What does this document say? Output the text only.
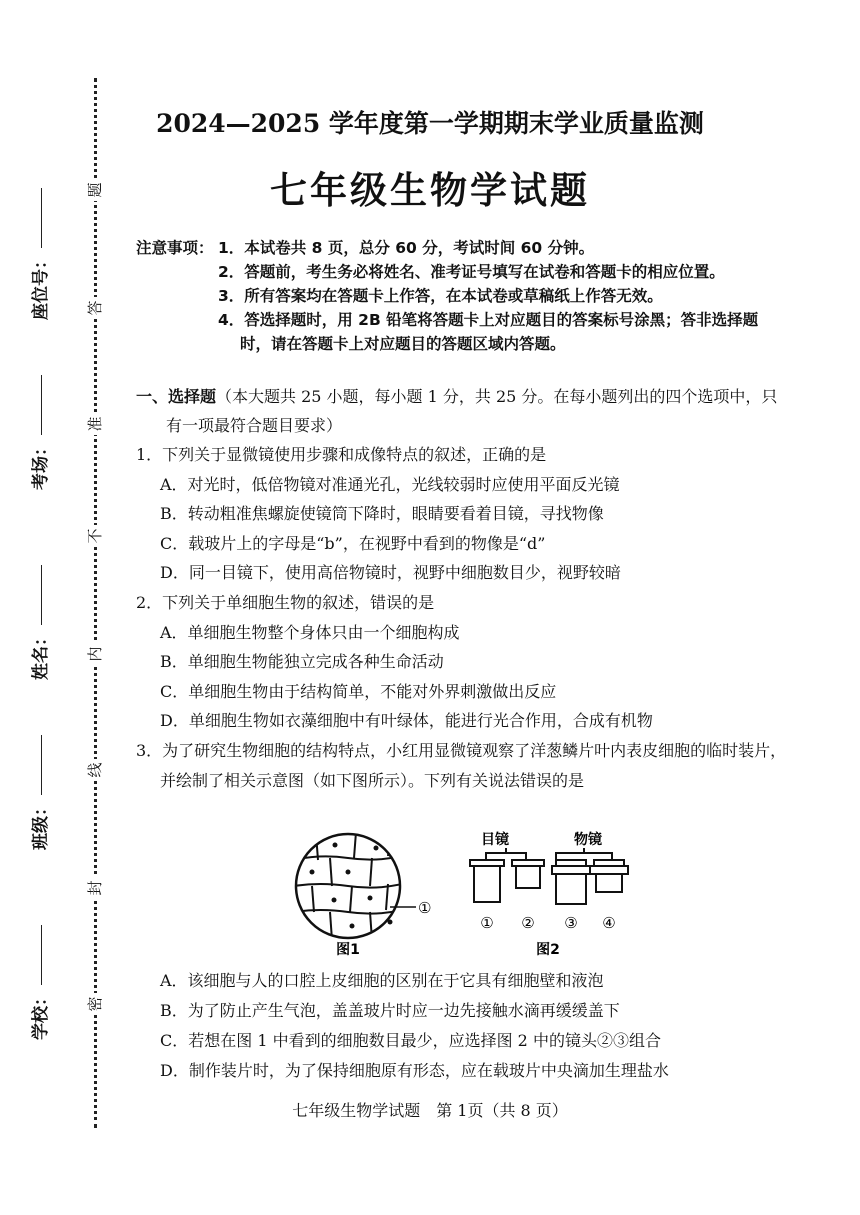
题
答
准
不
内
线
封
密
座位号：
考场：
姓名：
班级：
学校：
2024—2025 学年度第一学期期末学业质量监测
七年级生物学试题
注意事项： 1．本试卷共 8 页，总分 60 分，考试时间 60 分钟。
2．答题前，考生务必将姓名、准考证号填写在试卷和答题卡的相应位置。
3．所有答案均在答题卡上作答，在本试卷或草稿纸上作答无效。
4．答选择题时，用 2B 铅笔将答题卡上对应题目的答案标号涂黑；答非选择题
时，请在答题卡上对应题目的答题区域内答题。
一、选择题（本大题共 25 小题，每小题 1 分，共 25 分。在每小题列出的四个选项中，只
有一项最符合题目要求）
1．下列关于显微镜使用步骤和成像特点的叙述，正确的是
A．对光时，低倍物镜对准通光孔，光线较弱时应使用平面反光镜
B．转动粗准焦螺旋使镜筒下降时，眼睛要看着目镜，寻找物像
C．载玻片上的字母是“b”，在视野中看到的物像是“d”
D．同一目镜下，使用高倍物镜时，视野中细胞数目少，视野较暗
2．下列关于单细胞生物的叙述，错误的是
A．单细胞生物整个身体只由一个细胞构成
B．单细胞生物能独立完成各种生命活动
C．单细胞生物由于结构简单，不能对外界刺激做出反应
D．单细胞生物如衣藻细胞中有叶绿体，能进行光合作用，合成有机物
3．为了研究生物细胞的结构特点，小红用显微镜观察了洋葱鳞片叶内表皮细胞的临时装片，
并绘制了相关示意图（如下图所示）。下列有关说法错误的是
①
目镜	物镜
① ② ③ ④
图1	图2
A．该细胞与人的口腔上皮细胞的区别在于它具有细胞壁和液泡
B．为了防止产生气泡，盖盖玻片时应一边先接触水滴再缓缓盖下
C．若想在图 1 中看到的细胞数目最少，应选择图 2 中的镜头②③组合
D．制作装片时，为了保持细胞原有形态，应在载玻片中央滴加生理盐水
七年级生物学试题　第 1页（共 8 页）
